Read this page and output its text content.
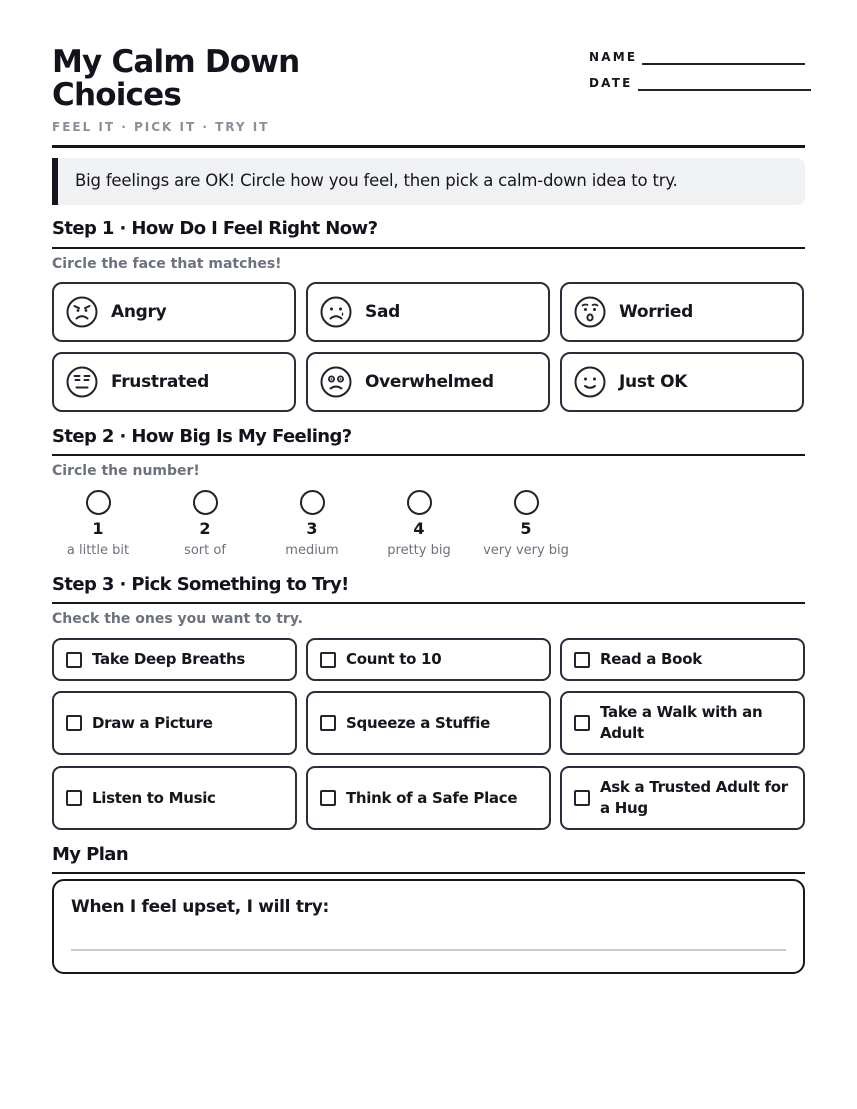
My Calm Down Choices
FEEL IT · PICK IT · TRY IT
NAME
DATE
Big feelings are OK! Circle how you feel, then pick a calm-down idea to try.
Step 1 · How Do I Feel Right Now?
Circle the face that matches!
Angry	Sad	Worried
Frustrated	Overwhelmed	Just OK
Step 2 · How Big Is My Feeling?
Circle the number!
1
a little bit
2
sort of
3
medium
4
pretty big
5
very very big
Step 3 · Pick Something to Try!
Check the ones you want to try.
Take Deep Breaths	Count to 10	Read a Book
Draw a Picture	Squeeze a Stuffie
Take a Walk with an Adult
Listen to Music	Think of a Safe Place
Ask a Trusted Adult for a Hug
My Plan
When I feel upset, I will try:
